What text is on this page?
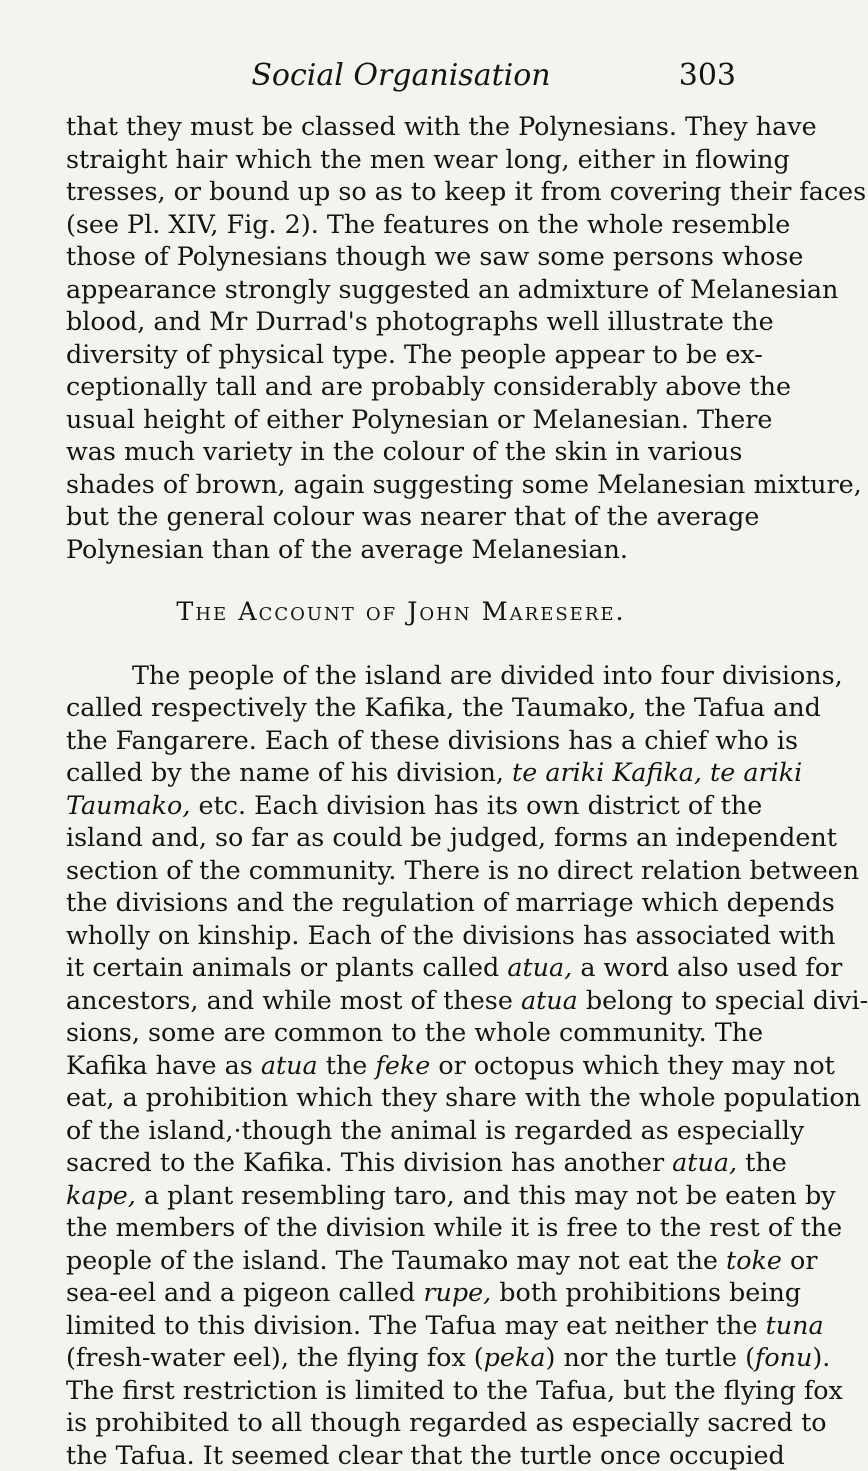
Social Organisation	303
that they must be classed with the Polynesians. They have
straight hair which the men wear long, either in flowing
tresses, or bound up so as to keep it from covering their faces
(see Pl. XIV, Fig. 2). The features on the whole resemble
those of Polynesians though we saw some persons whose
appearance strongly suggested an admixture of Melanesian
blood, and Mr Durrad's photographs well illustrate the
diversity of physical type. The people appear to be ex-
ceptionally tall and are probably considerably above the
usual height of either Polynesian or Melanesian. There
was much variety in the colour of the skin in various
shades of brown, again suggesting some Melanesian mixture,
but the general colour was nearer that of the average
Polynesian than of the average Melanesian.
The Account of John Maresere.
The people of the island are divided into four divisions,
called respectively the Kafika, the Taumako, the Tafua and
the Fangarere. Each of these divisions has a chief who is
called by the name of his division, te ariki Kafika, te ariki
Taumako, etc. Each division has its own district of the
island and, so far as could be judged, forms an independent
section of the community. There is no direct relation between
the divisions and the regulation of marriage which depends
wholly on kinship. Each of the divisions has associated with
it certain animals or plants called atua, a word also used for
ancestors, and while most of these atua belong to special divi-
sions, some are common to the whole community. The
Kafika have as atua the feke or octopus which they may not
eat, a prohibition which they share with the whole population
of the island,·though the animal is regarded as especially
sacred to the Kafika. This division has another atua, the
kape, a plant resembling taro, and this may not be eaten by
the members of the division while it is free to the rest of the
people of the island. The Taumako may not eat the toke or
sea-eel and a pigeon called rupe, both prohibitions being
limited to this division. The Tafua may eat neither the tuna
(fresh-water eel), the flying fox (peka) nor the turtle (fonu).
The first restriction is limited to the Tafua, but the flying fox
is prohibited to all though regarded as especially sacred to
the Tafua. It seemed clear that the turtle once occupied
